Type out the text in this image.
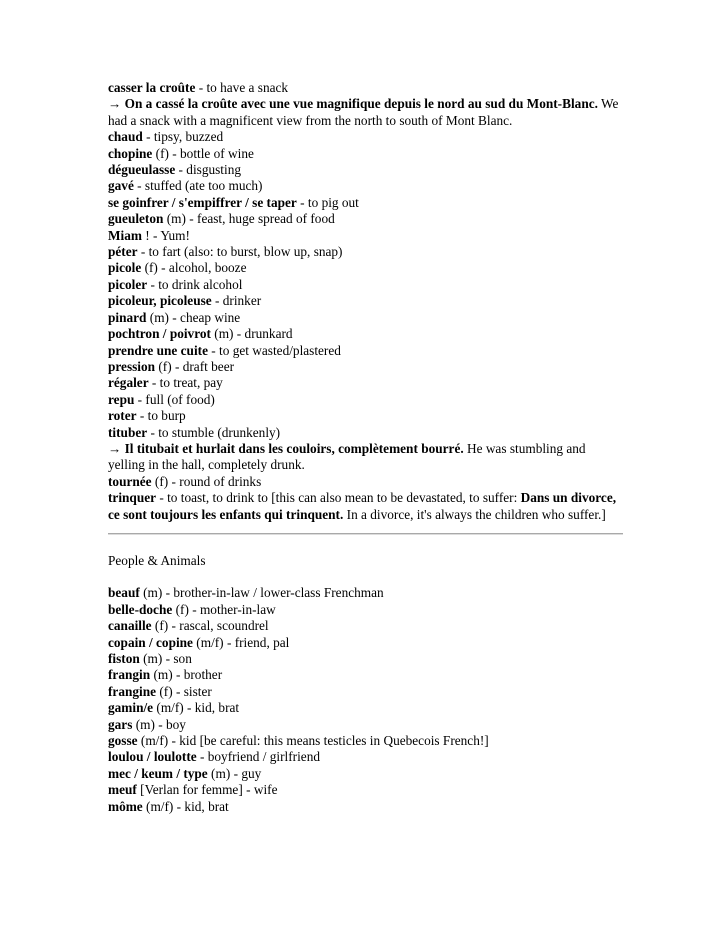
casser la croûte - to have a snack
→ On a cassé la croûte avec une vue magnifique depuis le nord au sud du Mont-Blanc. We had a snack with a magnificent view from the north to south of Mont Blanc.
chaud - tipsy, buzzed
chopine (f) - bottle of wine
dégueulasse - disgusting
gavé - stuffed (ate too much)
se goinfrer / s'empiffrer / se taper - to pig out
gueuleton (m) - feast, huge spread of food
Miam ! - Yum!
péter - to fart (also: to burst, blow up, snap)
picole (f) - alcohol, booze
picoler - to drink alcohol
picoleur, picoleuse - drinker
pinard (m) - cheap wine
pochtron / poivrot (m) - drunkard
prendre une cuite - to get wasted/plastered
pression (f) - draft beer
régaler - to treat, pay
repu - full (of food)
roter - to burp
tituber - to stumble (drunkenly)
→ Il titubait et hurlait dans les couloirs, complètement bourré. He was stumbling and yelling in the hall, completely drunk.
tournée (f) - round of drinks
trinquer - to toast, to drink to [this can also mean to be devastated, to suffer: Dans un divorce, ce sont toujours les enfants qui trinquent. In a divorce, it's always the children who suffer.]
People & Animals
beauf (m) - brother-in-law / lower-class Frenchman
belle-doche (f) - mother-in-law
canaille (f) - rascal, scoundrel
copain / copine (m/f) - friend, pal
fiston (m) - son
frangin (m) - brother
frangine (f) - sister
gamin/e (m/f) - kid, brat
gars (m) - boy
gosse (m/f) - kid [be careful: this means testicles in Quebecois French!]
loulou / loulotte - boyfriend / girlfriend
mec / keum / type (m) - guy
meuf [Verlan for femme] - wife
môme (m/f) - kid, brat
